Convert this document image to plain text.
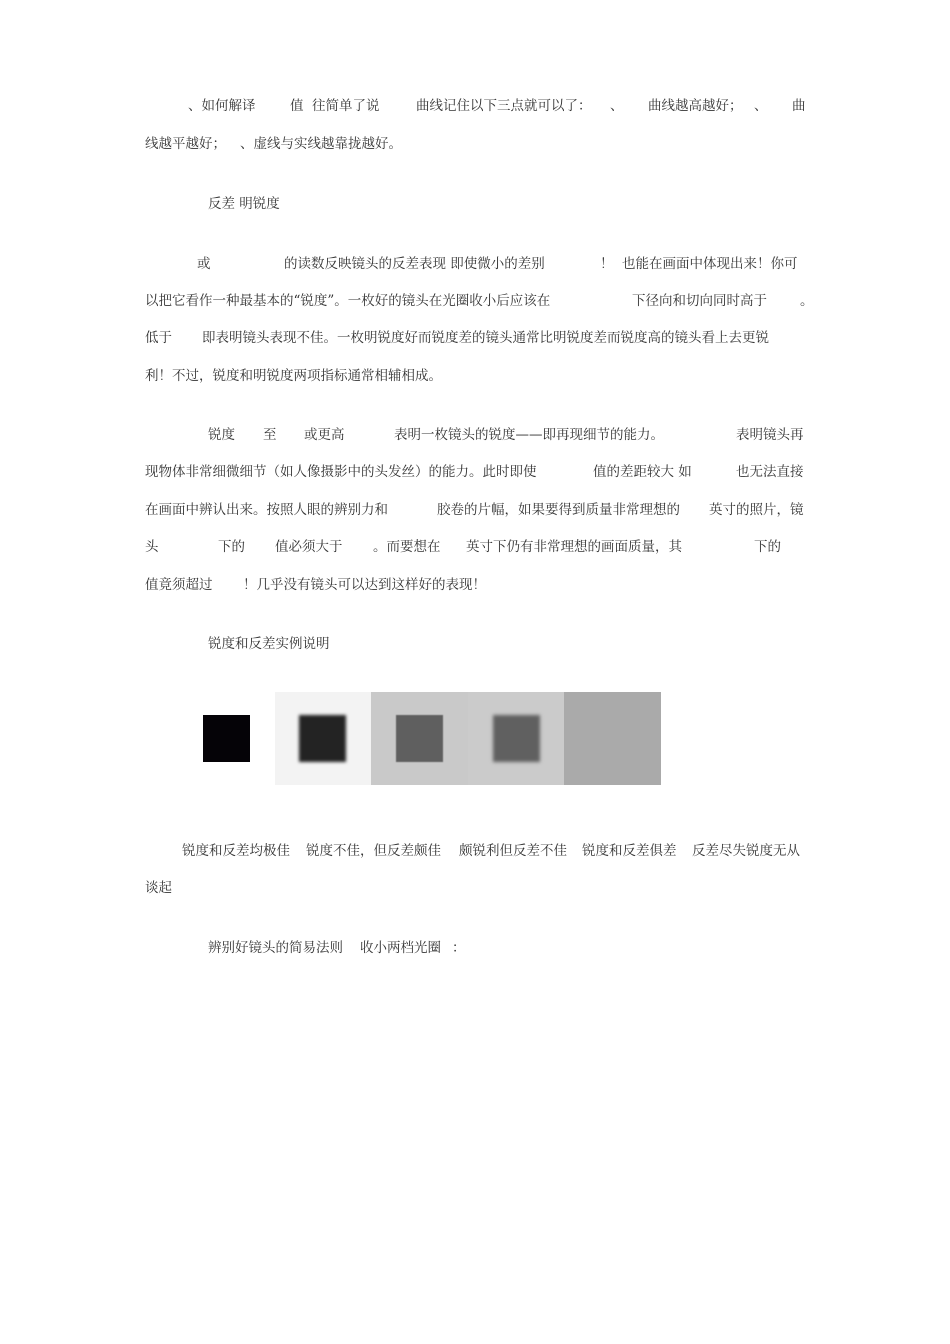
、如何解译	值 往简单了说	曲线记住以下三点就可以了： 、 曲线越高越好； 、 曲
线越平越好； 、虚线与实线越靠拢越好。
反差 明锐度
或	的读数反映镜头的反差表现 即使微小的差别	！ 也能在画面中体现出来！你可
以把它看作一种最基本的“锐度”。一枚好的镜头在光圈收小后应该在	下径向和切向同时高于 。
低于 即表明镜头表现不佳。一枚明锐度好而锐度差的镜头通常比明锐度差而锐度高的镜头看上去更锐
利！不过，锐度和明锐度两项指标通常相辅相成。
锐度 至 或更高	表明一枚镜头的锐度——即再现细节的能力。	表明镜头再
现物体非常细微细节（如人像摄影中的头发丝）的能力。此时即使	值的差距较大 如	也无法直接
在画面中辨认出来。按照人眼的辨别力和	胶卷的片幅，如果要得到质量非常理想的 英寸的照片，镜
头	下的 值必须大于 。而要想在 英寸下仍有非常理想的画面质量，其	下的
值竟须超过 ！几乎没有镜头可以达到这样好的表现！
锐度和反差实例说明
锐度和反差均极佳 锐度不佳，但反差颇佳 颇锐利但反差不佳 锐度和反差俱差 反差尽失锐度无从
谈起
辨别好镜头的简易法则 收小两档光圈 ：
